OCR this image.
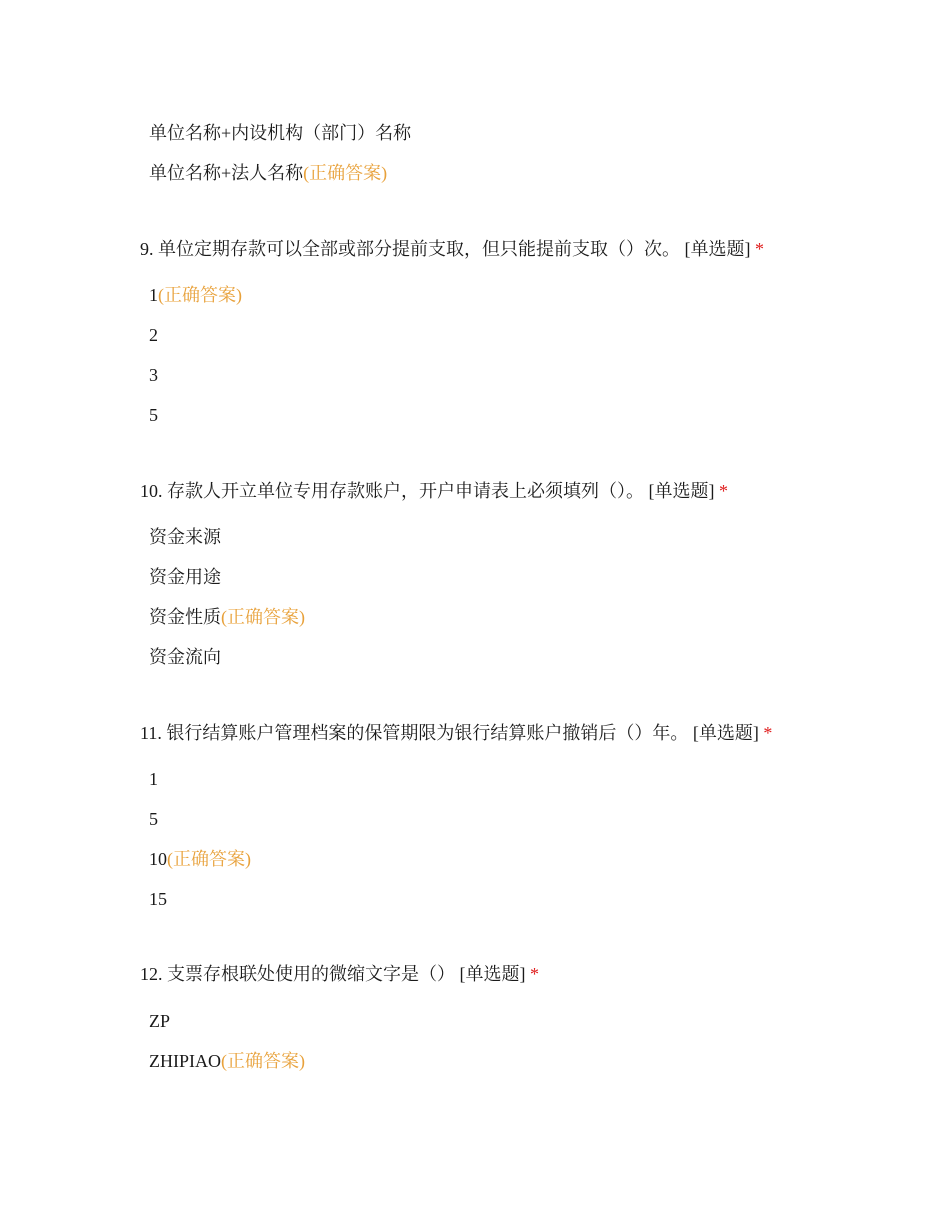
单位名称+内设机构（部门）名称
单位名称+法人名称(正确答案)
9. 单位定期存款可以全部或部分提前支取，但只能提前支取（）次。 [单选题] *
1(正确答案)
2
3
5
10. 存款人开立单位专用存款账户，开户申请表上必须填列（）。 [单选题] *
资金来源
资金用途
资金性质(正确答案)
资金流向
11. 银行结算账户管理档案的保管期限为银行结算账户撤销后（）年。 [单选题] *
1
5
10(正确答案)
15
12. 支票存根联处使用的微缩文字是（） [单选题] *
ZP
ZHIPIAO(正确答案)
